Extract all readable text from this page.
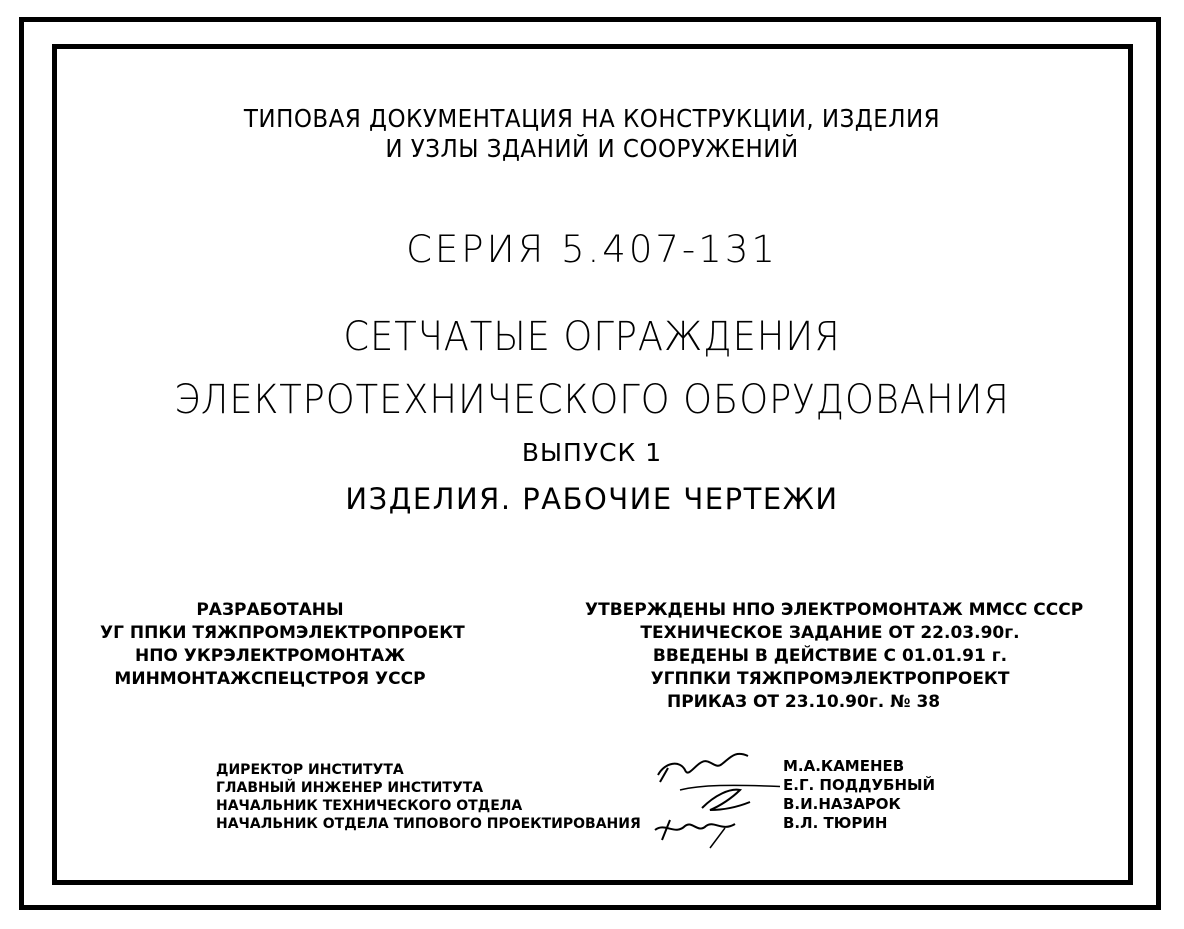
ТИПОВАЯ ДОКУМЕНТАЦИЯ НА КОНСТРУКЦИИ, ИЗДЕЛИЯ
И УЗЛЫ ЗДАНИЙ И СООРУЖЕНИЙ
СЕРИЯ 5.407-131
СЕТЧАТЫЕ ОГРАЖДЕНИЯ
ЭЛЕКТРОТЕХНИЧЕСКОГО ОБОРУДОВАНИЯ
ВЫПУСК 1
ИЗДЕЛИЯ. РАБОЧИЕ ЧЕРТЕЖИ
РАЗРАБОТАНЫ
УГ ППКИ ТЯЖПРОМЭЛЕКТРОПРОЕКТ
НПО УКРЭЛЕКТРОМОНТАЖ
МИНМОНТАЖСПЕЦСТРОЯ УССР
УТВЕРЖДЕНЫ НПО ЭЛЕКТРОМОНТАЖ ММСС СССР
ТЕХНИЧЕСКОЕ ЗАДАНИЕ ОТ 22.03.90г.
ВВЕДЕНЫ В ДЕЙСТВИЕ С 01.01.91 г.
УГППКИ ТЯЖПРОМЭЛЕКТРОПРОЕКТ
ПРИКАЗ ОТ 23.10.90г. № 38
ДИРЕКТОР ИНСТИТУТА
ГЛАВНЫЙ ИНЖЕНЕР ИНСТИТУТА
НАЧАЛЬНИК ТЕХНИЧЕСКОГО ОТДЕЛА
НАЧАЛЬНИК ОТДЕЛА ТИПОВОГО ПРОЕКТИРОВАНИЯ
М.А.КАМЕНЕВ
Е.Г. ПОДДУБНЫЙ
В.И.НАЗАРОК
В.Л. ТЮРИН
